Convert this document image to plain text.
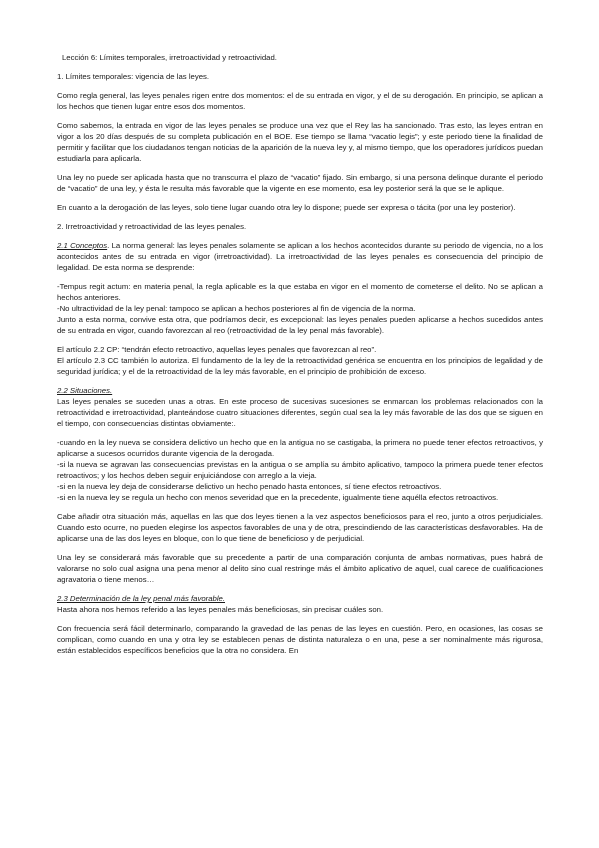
Lección 6: Límites temporales, irretroactividad y retroactividad.

1. Límites temporales: vigencia de las leyes.

Como regla general, las leyes penales rigen entre dos momentos: el de su entrada en vigor, y el de su derogación. En principio, se aplican a los hechos que tienen lugar entre esos dos momentos.

Como sabemos, la entrada en vigor de las leyes penales se produce una vez que el Rey las ha sancionado. Tras esto, las leyes entran en vigor a los 20 días después de su completa publicación en el BOE. Ese tiempo se llama “vacatio legis”; y este periodo tiene la finalidad de permitir y facilitar que los ciudadanos tengan noticias de la aparición de la nueva ley y, al mismo tiempo, que los operadores jurídicos puedan estudiarla para aplicarla.

Una ley no puede ser aplicada hasta que no transcurra el plazo de “vacatio” fijado. Sin embargo, si una persona delinque durante el periodo de “vacatio” de una ley, y ésta le resulta más favorable que la vigente en ese momento, esa ley posterior será la que se le aplique.

En cuanto a la derogación de las leyes, solo tiene lugar cuando otra ley lo dispone; puede ser expresa o tácita (por una ley posterior).

2. Irretroactividad y retroactividad de las leyes penales.

2.1 Conceptos. La norma general: las leyes penales solamente se aplican a los hechos acontecidos durante su periodo de vigencia, no a los acontecidos antes de su entrada en vigor (irretroactividad). La irretroactividad de las leyes penales es consecuencia del principio de legalidad. De esta norma se desprende:

-Tempus regit actum: en materia penal, la regla aplicable es la que estaba en vigor en el momento de cometerse el delito. No se aplican a hechos anteriores.

-No ultractividad de la ley penal: tampoco se aplican a hechos posteriores al fin de vigencia de la norma.

Junto a esta norma, convive esta otra, que podríamos decir, es excepcional: las leyes penales pueden aplicarse a hechos sucedidos antes de su entrada en vigor, cuando favorezcan al reo (retroactividad de la ley penal más favorable).

El artículo 2.2 CP: “tendrán efecto retroactivo, aquellas leyes penales que favorezcan al reo”.

El artículo 2.3 CC también lo autoriza. El fundamento de la ley de la retroactividad genérica se encuentra en los principios de legalidad y de seguridad jurídica; y el de la retroactividad de la ley más favorable, en el principio de prohibición de exceso.

2.2 Situaciones.

Las leyes penales se suceden unas a otras. En este proceso de sucesivas sucesiones se enmarcan los problemas relacionados con la retroactividad e irretroactividad, planteándose cuatro situaciones diferentes, según cual sea la ley más favorable de las dos que se siguen en el tiempo, con consecuencias distintas obviamente:.

-cuando en la ley nueva se considera delictivo un hecho que en la antigua no se castigaba, la primera no puede tener efectos retroactivos, y aplicarse a sucesos ocurridos durante vigencia de la derogada.

-si la nueva se agravan las consecuencias previstas en la antigua o se amplía su ámbito aplicativo, tampoco la primera puede tener efectos retroactivos; y los hechos deben seguir enjuiciándose con arreglo a la vieja.

-si en la nueva ley deja de considerarse delictivo un hecho penado hasta entonces, sí tiene efectos retroactivos.

-si en la nueva ley se regula un hecho con menos severidad que en la precedente, igualmente tiene aquélla efectos retroactivos.

Cabe añadir otra situación más, aquellas en las que dos leyes tienen a la vez aspectos beneficiosos para el reo, junto a otros perjudiciales. Cuando esto ocurre, no pueden elegirse los aspectos favorables de una y de otra, prescindiendo de las características desfavorables. Ha de aplicarse una de las dos leyes en bloque, con lo que tiene de beneficioso y de perjudicial.

Una ley se considerará más favorable que su precedente a partir de una comparación conjunta de ambas normativas, pues habrá de valorarse no solo cual asigna una pena menor al delito sino cual restringe más el ámbito aplicativo de aquel, cual carece de cualificaciones agravatoria o tiene menos…

2.3 Determinación de la ley penal más favorable.

Hasta ahora nos hemos referido a las leyes penales más beneficiosas, sin precisar cuáles son.

Con frecuencia será fácil determinarlo, comparando la gravedad de las penas de las leyes en cuestión. Pero, en ocasiones, las cosas se complican, como cuando en una y otra ley se establecen penas de distinta naturaleza o en una, pese a ser nominalmente más rigurosa, están establecidos específicos beneficios que la otra no considera. En
